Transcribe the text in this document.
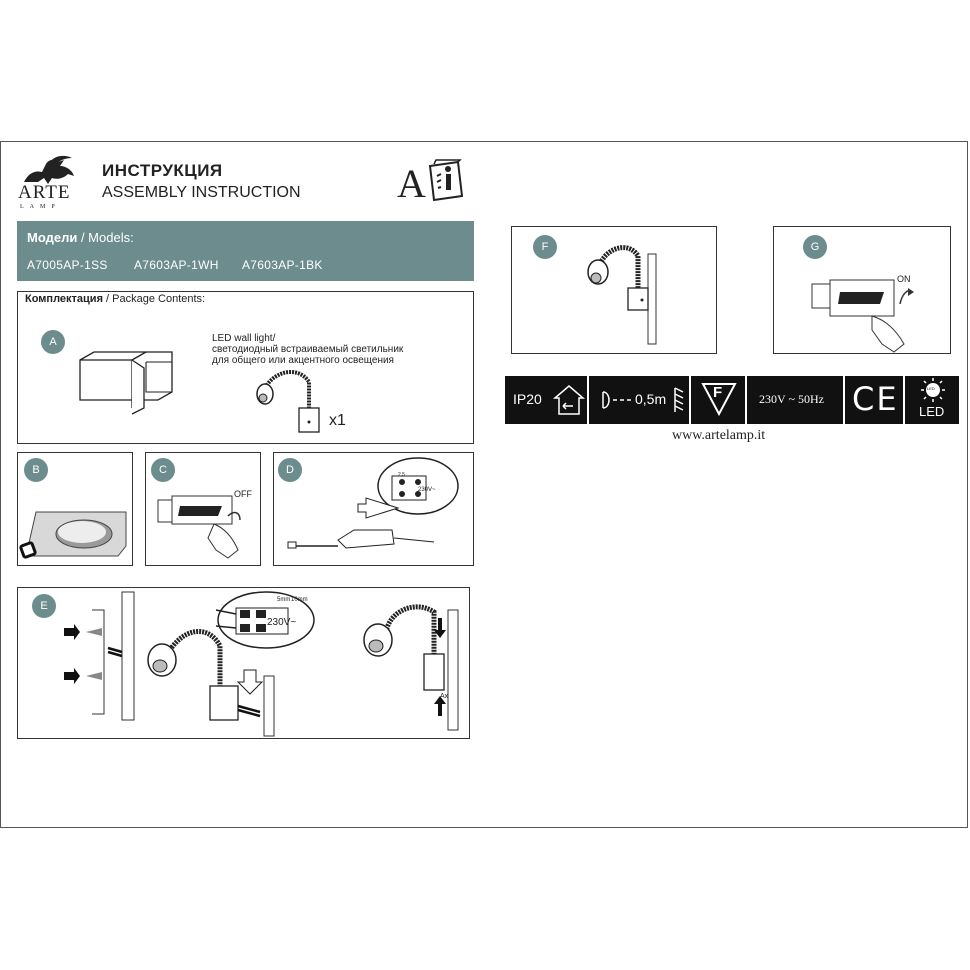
ARTE
LAMP
ИНСТРУКЦИЯ
ASSEMBLY INSTRUCTION A
Модели / Models:
A7005AP-1SS A7603AP-1WH A7603AP-1BK
Комплектация / Package Contents:
A	LED wall light/
светодиодный встраиваемый светильник
для общего или акцентного освещения
x1
B	C
OFF
D
230V~
2,5
E
230V~
5mm 10mm
Ax
F	G
ON
IP20	0,5m	F	230V ~ 50Hz CE	LED
LED
www.artelamp.it
